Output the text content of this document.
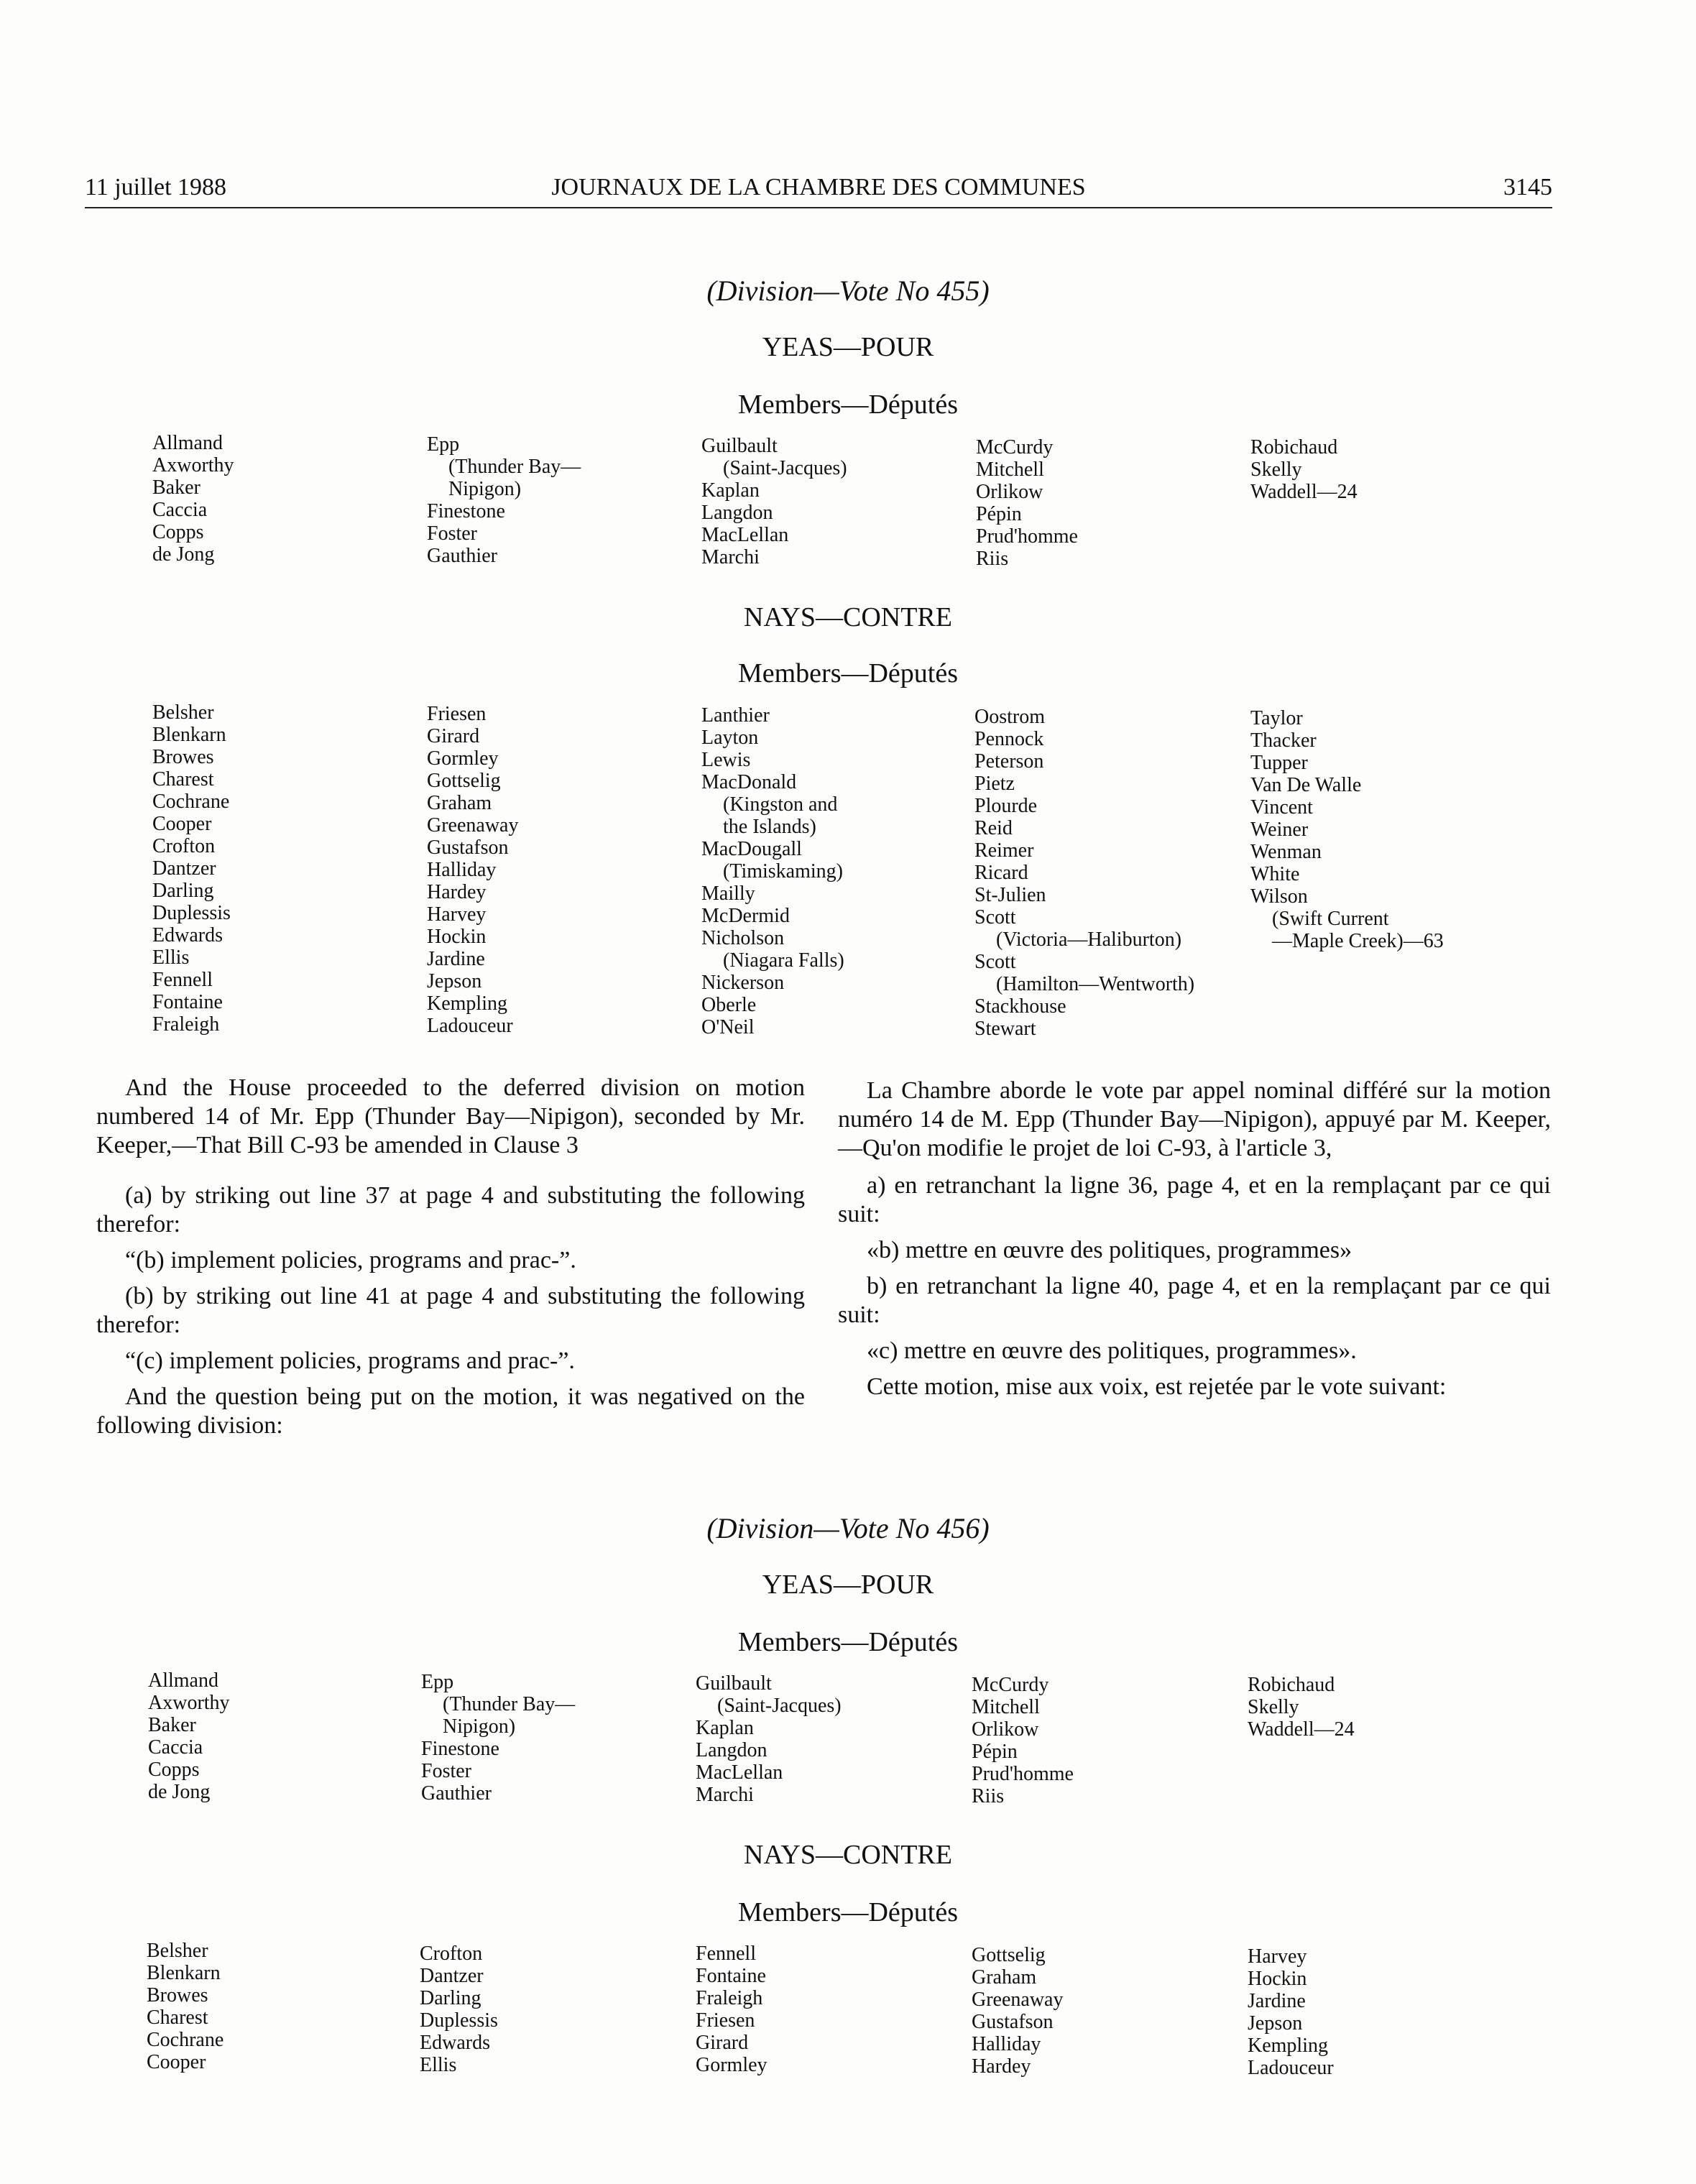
11 juillet 1988	JOURNAUX DE LA CHAMBRE DES COMMUNES	3145
(Division—Vote No 455)
YEAS—POUR
Members—Députés
Allmand
Axworthy
Baker
Caccia
Copps
de Jong
Epp
(Thunder Bay—
Nipigon)
Finestone
Foster
Gauthier
Guilbault
(Saint-Jacques)
Kaplan
Langdon
MacLellan
Marchi
McCurdy
Mitchell
Orlikow
Pépin
Prud'homme
Riis
Robichaud
Skelly
Waddell—24
NAYS—CONTRE
Members—Députés
Belsher
Blenkarn
Browes
Charest
Cochrane
Cooper
Crofton
Dantzer
Darling
Duplessis
Edwards
Ellis
Fennell
Fontaine
Fraleigh
Friesen
Girard
Gormley
Gottselig
Graham
Greenaway
Gustafson
Halliday
Hardey
Harvey
Hockin
Jardine
Jepson
Kempling
Ladouceur
Lanthier
Layton
Lewis
MacDonald
(Kingston and
the Islands)
MacDougall
(Timiskaming)
Mailly
McDermid
Nicholson
(Niagara Falls)
Nickerson
Oberle
O'Neil
Oostrom
Pennock
Peterson
Pietz
Plourde
Reid
Reimer
Ricard
St-Julien
Scott
(Victoria—Haliburton)
Scott
(Hamilton—Wentworth)
Stackhouse
Stewart
Taylor
Thacker
Tupper
Van De Walle
Vincent
Weiner
Wenman
White
Wilson
(Swift Current
—Maple Creek)—63

And the House proceeded to the deferred division on motion numbered 14 of Mr. Epp (Thunder Bay—Nipigon), seconded by Mr. Keeper,—That Bill C-93 be amended in Clause 3

(a) by striking out line 37 at page 4 and substituting the following therefor:

“(b) implement policies, programs and prac-”.

(b) by striking out line 41 at page 4 and substituting the following therefor:

“(c) implement policies, programs and prac-”.

And the question being put on the motion, it was negatived on the following division:

La Chambre aborde le vote par appel nominal différé sur la motion numéro 14 de M. Epp (Thunder Bay—Nipigon), appuyé par M. Keeper,—Qu'on modifie le projet de loi C-93, à l'article 3,

a) en retranchant la ligne 36, page 4, et en la remplaçant par ce qui suit:

«b) mettre en œuvre des politiques, programmes»

b) en retranchant la ligne 40, page 4, et en la remplaçant par ce qui suit:

«c) mettre en œuvre des politiques, programmes».

Cette motion, mise aux voix, est rejetée par le vote suivant:

(Division—Vote No 456)
YEAS—POUR
Members—Députés
Allmand
Axworthy
Baker
Caccia
Copps
de Jong
Epp
(Thunder Bay—
Nipigon)
Finestone
Foster
Gauthier
Guilbault
(Saint-Jacques)
Kaplan
Langdon
MacLellan
Marchi
McCurdy
Mitchell
Orlikow
Pépin
Prud'homme
Riis
Robichaud
Skelly
Waddell—24
NAYS—CONTRE
Members—Députés
Belsher
Blenkarn
Browes
Charest
Cochrane
Cooper
Crofton
Dantzer
Darling
Duplessis
Edwards
Ellis
Fennell
Fontaine
Fraleigh
Friesen
Girard
Gormley
Gottselig
Graham
Greenaway
Gustafson
Halliday
Hardey
Harvey
Hockin
Jardine
Jepson
Kempling
Ladouceur
